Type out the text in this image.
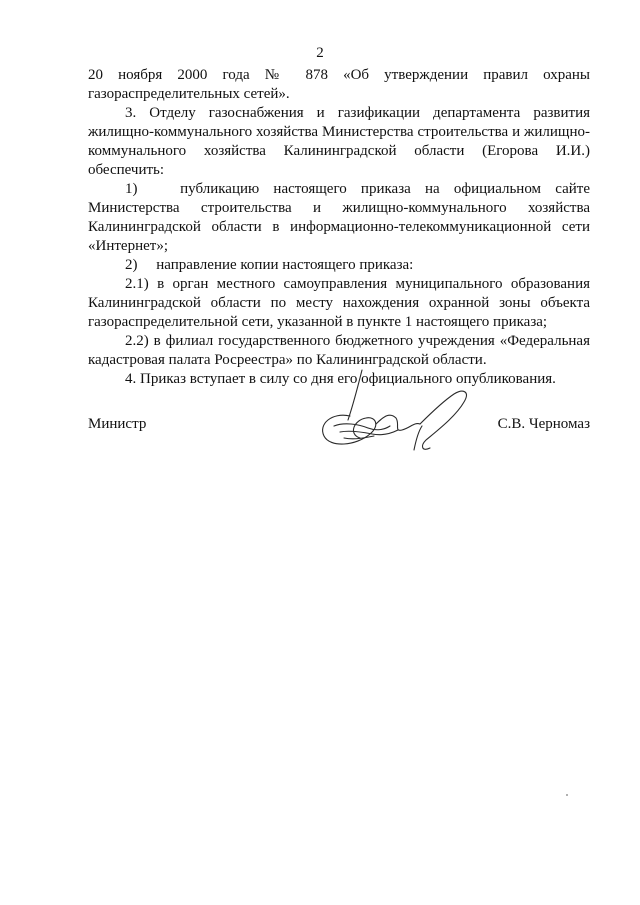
2
20 ноября 2000 года № 878 «Об утверждении правил охраны
газораспределительных сетей».
3. Отделу газоснабжения и газификации департамента развития
жилищно-коммунального хозяйства Министерства строительства и жилищно-
коммунального хозяйства Калининградской области (Егорова И.И.)
обеспечить:
1)   публикацию настоящего приказа на официальном сайте
Министерства строительства и жилищно-коммунального хозяйства
Калининградской области в информационно-телекоммуникационной сети
«Интернет»;
2)     направление копии настоящего приказа:
2.1) в орган местного самоуправления муниципального образования
Калининградской области по месту нахождения охранной зоны объекта
газораспределительной сети, указанной в пункте 1 настоящего приказа;
2.2) в филиал государственного бюджетного учреждения «Федеральная
кадастровая палата Росреестра» по Калининградской области.
4. Приказ вступает в силу со дня его официального опубликования.
Министр	С.В. Черномаз
